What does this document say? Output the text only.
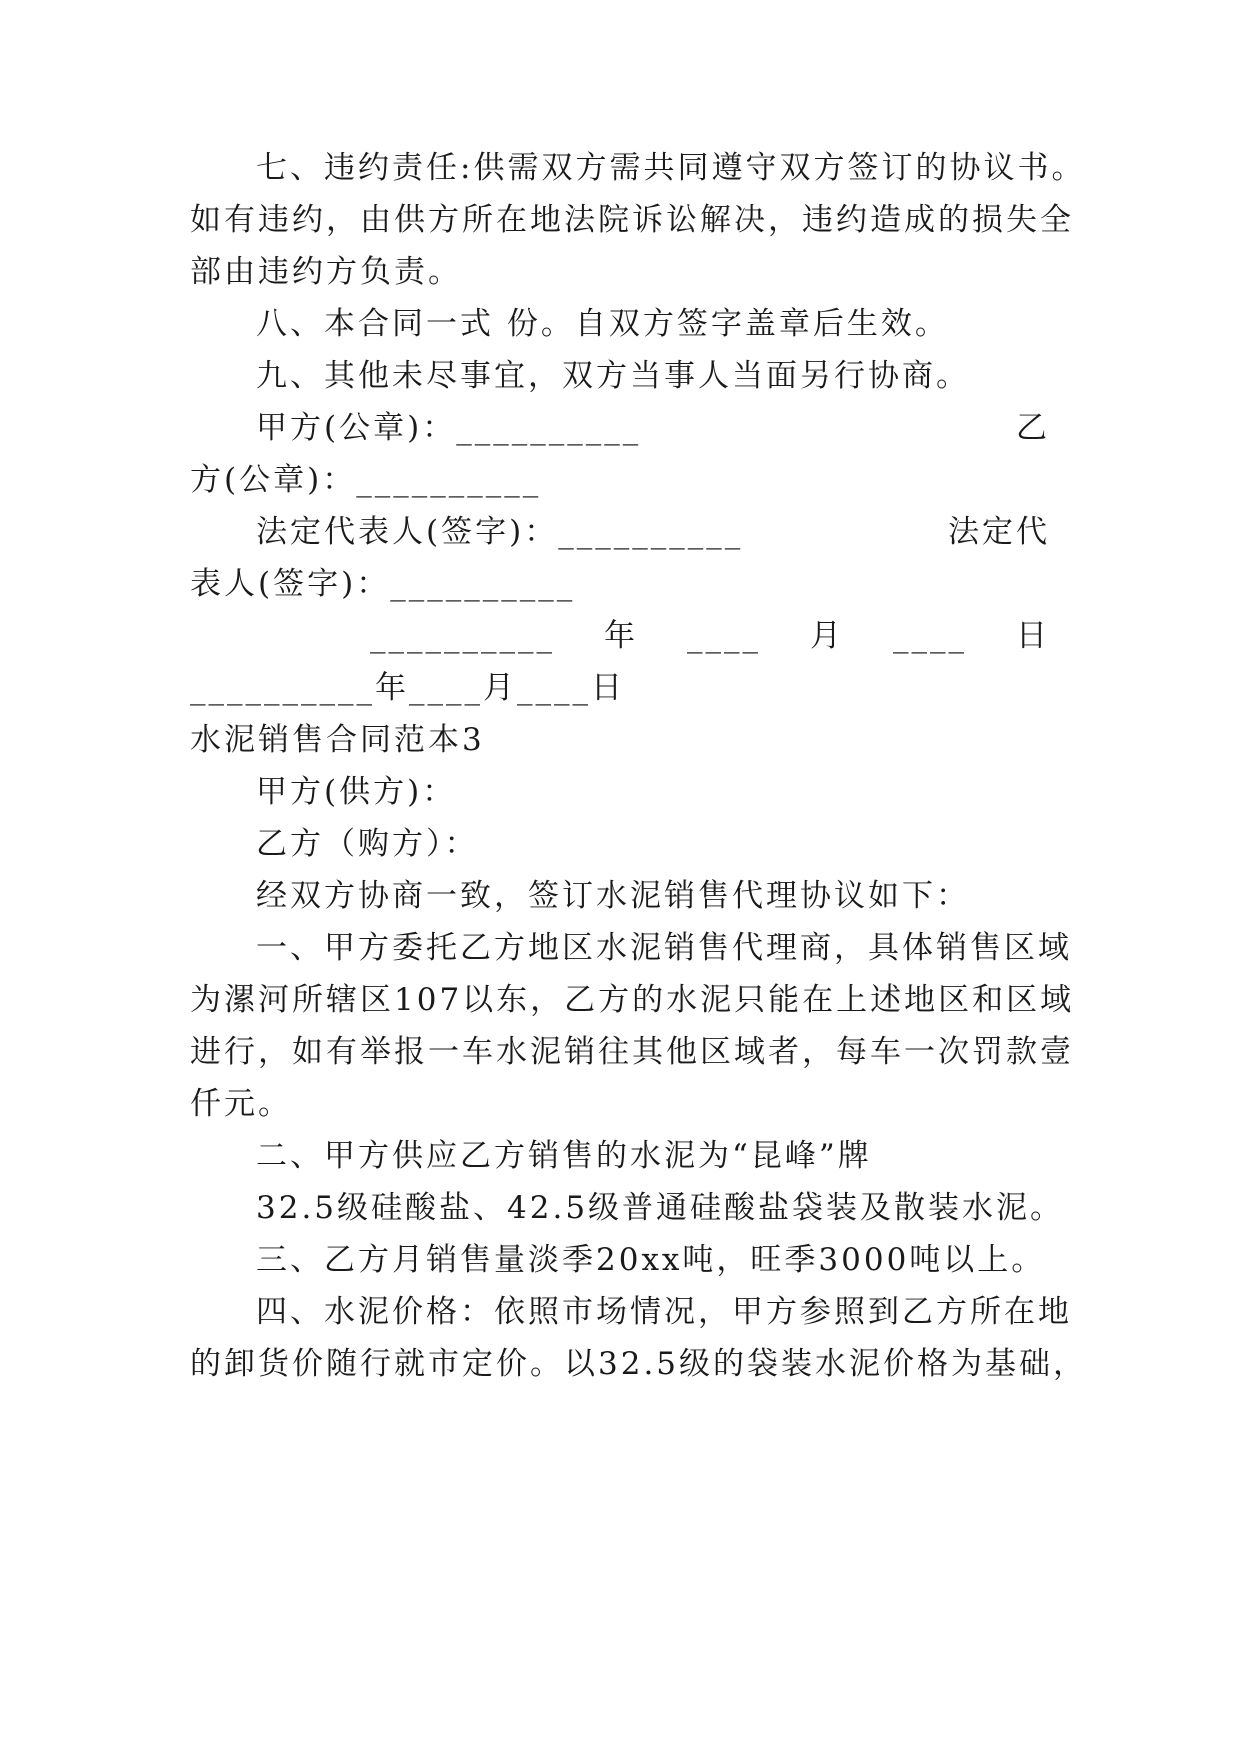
七、违约责任:供需双方需共同遵守双方签订的协议书。
如有违约，由供方所在地法院诉讼解决，违约造成的损失全
部由违约方负责。
八、本合同一式 份。自双方签字盖章后生效。
九、其他未尽事宜，双方当事人当面另行协商。
甲方(公章)：__________	乙
方(公章)：__________
法定代表人(签字)：__________	法定代
表人(签字)：__________
__________ 年 ____ 月 ____ 日
__________年____月____日
水泥销售合同范本3
甲方(供方)：
乙方（购方）：
经双方协商一致，签订水泥销售代理协议如下：
一、甲方委托乙方地区水泥销售代理商，具体销售区域
为漯河所辖区107以东，乙方的水泥只能在上述地区和区域
进行，如有举报一车水泥销往其他区域者，每车一次罚款壹
仟元。
二、甲方供应乙方销售的水泥为“昆峰”牌
32.5级硅酸盐、42.5级普通硅酸盐袋装及散装水泥。
三、乙方月销售量淡季20xx吨，旺季3000吨以上。
四、水泥价格：依照市场情况，甲方参照到乙方所在地
的卸货价随行就市定价。以32.5级的袋装水泥价格为基础，
